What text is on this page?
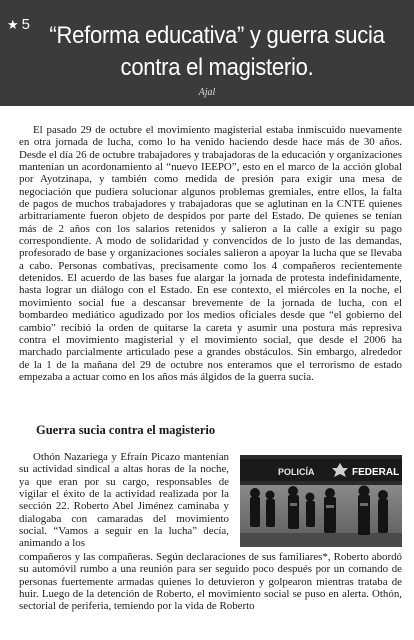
★ 5 “Reforma educativa” y guerra sucia contra el magisterio.
Ajal

El pasado 29 de octubre el movimiento magisterial estaba inmiscuido nuevamente en otra jornada de lucha, como lo ha venido haciendo desde hace más de 30 años. Desde el día 26 de octubre trabajadores y trabajadoras de la educación y organizaciones mantenían un acordonamiento al “nuevo IEEPO”, esto en el marco de la acción global por Ayotzinapa, y también como medida de presión para exigir una mesa de negociación que pudiera solucionar algunos problemas gremiales, entre ellos, la falta de pagos de muchos trabajadores y trabajadoras que se aglutinan en la CNTE quienes arbitrariamente fueron objeto de despidos por parte del Estado. De quienes se tenían más de 2 años con los salarios retenidos y salieron a la calle a exigir su pago correspondiente. A modo de solidaridad y convencidos de lo justo de las demandas, profesorado de base y organizaciones sociales salieron a apoyar la lucha que se llevaba a cabo. Personas combativas, precisamente como los 4 compañeros recientemente detenidos. El acuerdo de las bases fue alargar la jornada de protesta indefinidamente, hasta lograr un diálogo con el Estado. En ese contexto, el miércoles en la noche, el movimiento social fue a descansar brevemente de la jornada de lucha, con el bombardeo mediático agudizado por los medios oficiales desde que “el gobierno del cambio” recibió la orden de quitarse la careta y asumir una postura más represiva contra el movimiento magisterial y el movimiento social, que desde el 2006 ha marchado parcialmente articulado pese a grandes obstáculos. Sin embargo, alrededor de la 1 de la mañana del 29 de octubre nos enteramos que el terrorismo de estado empezaba a actuar como en los años más álgidos de la guerra sucia.

Guerra sucia contra el magisterio

Othón Nazariega y Efraín Picazo mantenían su actividad sindical a altas horas de la noche, ya que eran por su cargo, responsables de vigilar el éxito de la actividad realizada por la sección 22. Roberto Abel Jiménez caminaba y dialogaba con camaradas del movimiento social. “Vamos a seguir en la lucha” decía, animando a los

POLICÍA	FEDERAL

compañeros y las compañeras. Según declaraciones de sus familiares*, Roberto abordó su automóvil rumbo a una reunión para ser seguido poco después por un comando de personas fuertemente armadas quienes lo detuvieron y golpearon mientras trataba de huir. Luego de la detención de Roberto, el movimiento social se puso en alerta. Othón, sectorial de periferia, temiendo por la vida de Roberto
